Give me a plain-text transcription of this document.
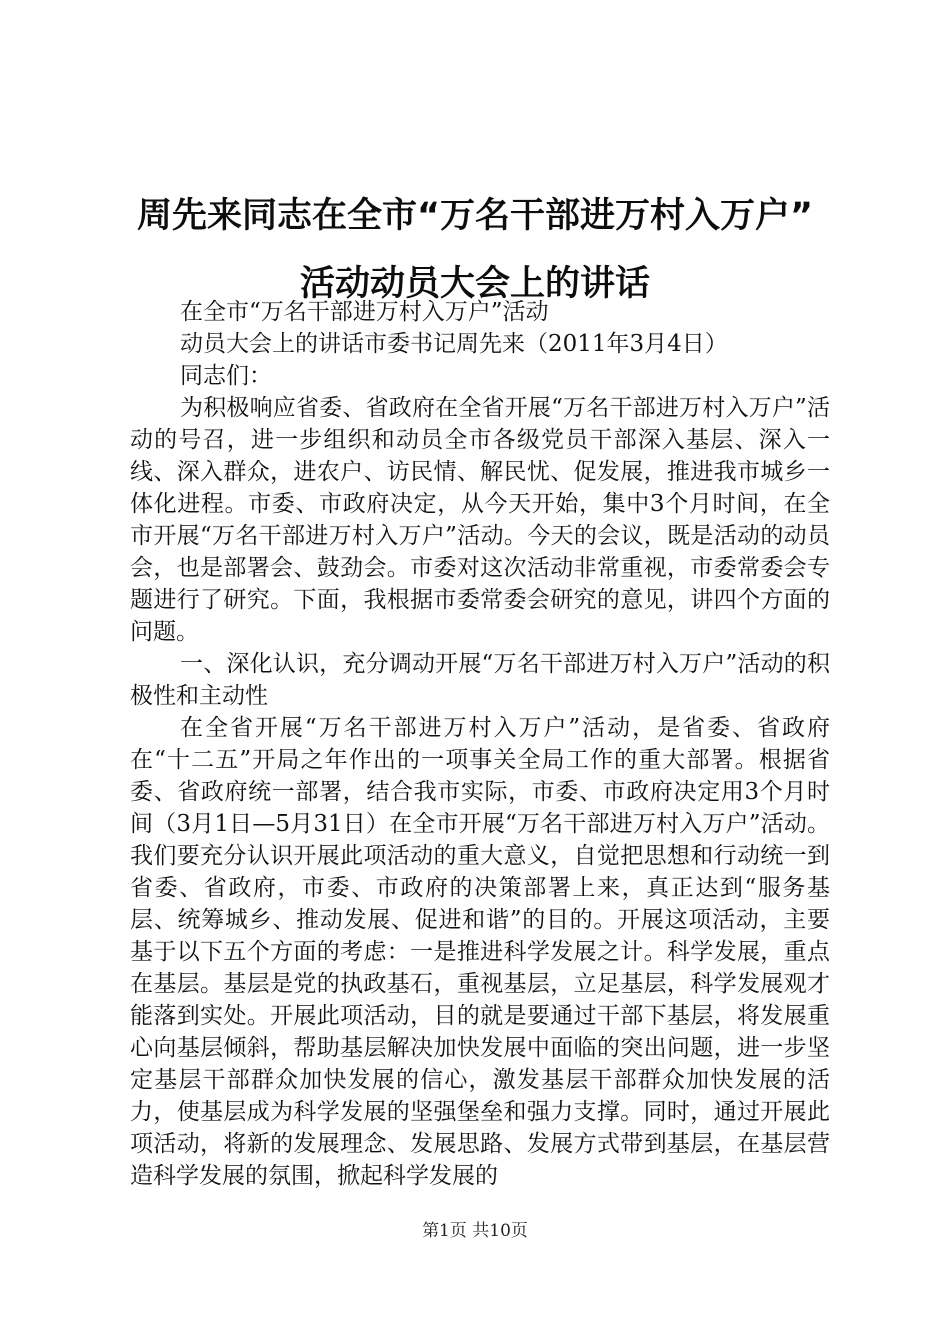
周先来同志在全市“万名干部进万村入万户”
活动动员大会上的讲话

在全市“万名干部进万村入万户”活动

动员大会上的讲话市委书记周先来（2011年3月4日）

同志们：

为积极响应省委、省政府在全省开展“万名干部进万村入万户”活动的号召，进一步组织和动员全市各级党员干部深入基层、深入一线、深入群众，进农户、访民情、解民忧、促发展，推进我市城乡一体化进程。市委、市政府决定，从今天开始，集中3个月时间，在全市开展“万名干部进万村入万户”活动。今天的会议，既是活动的动员会，也是部署会、鼓劲会。市委对这次活动非常重视，市委常委会专题进行了研究。下面，我根据市委常委会研究的意见，讲四个方面的问题。

一、深化认识，充分调动开展“万名干部进万村入万户”活动的积极性和主动性

在全省开展“万名干部进万村入万户”活动，是省委、省政府在“十二五”开局之年作出的一项事关全局工作的重大部署。根据省委、省政府统一部署，结合我市实际，市委、市政府决定用3个月时间（3月1日—5月31日）在全市开展“万名干部进万村入万户”活动。我们要充分认识开展此项活动的重大意义，自觉把思想和行动统一到省委、省政府，市委、市政府的决策部署上来，真正达到“服务基层、统筹城乡、推动发展、促进和谐”的目的。开展这项活动，主要基于以下五个方面的考虑：一是推进科学发展之计。科学发展，重点在基层。基层是党的执政基石，重视基层，立足基层，科学发展观才能落到实处。开展此项活动，目的就是要通过干部下基层，将发展重心向基层倾斜，帮助基层解决加快发展中面临的突出问题，进一步坚定基层干部群众加快发展的信心，激发基层干部群众加快发展的活力，使基层成为科学发展的坚强堡垒和强力支撑。同时，通过开展此项活动，将新的发展理念、发展思路、发展方式带到基层，在基层营造科学发展的氛围，掀起科学发展的

第1页 共10页
